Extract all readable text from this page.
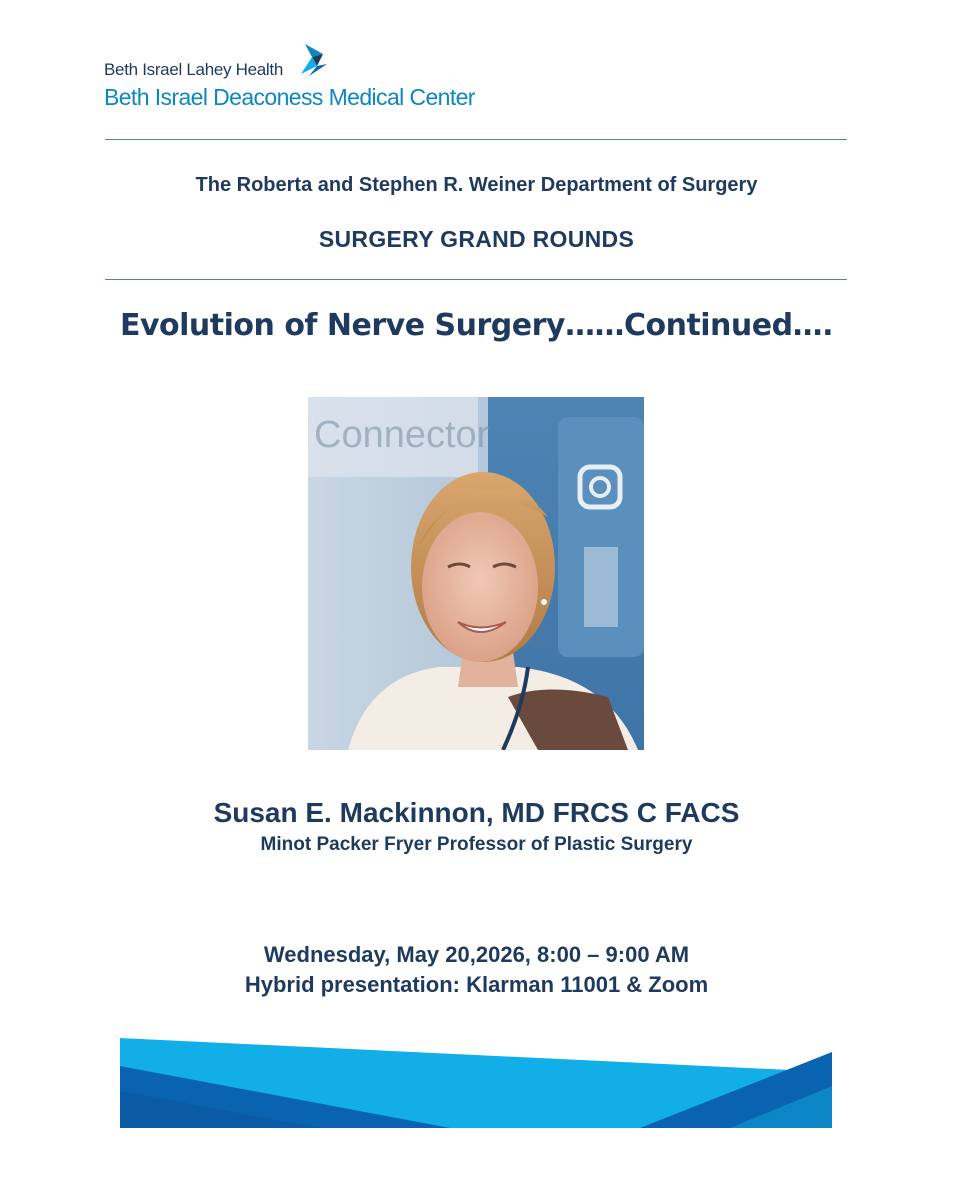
Beth Israel Lahey Health
Beth Israel Deaconess Medical Center
The Roberta and Stephen R. Weiner Department of Surgery
SURGERY GRAND ROUNDS
Evolution of Nerve Surgery……Continued….
Connector
Susan E. Mackinnon, MD FRCS C FACS
Minot Packer Fryer Professor of Plastic Surgery
Wednesday, May 20,2026, 8:00 – 9:00 AM
Hybrid presentation: Klarman 11001 & Zoom
